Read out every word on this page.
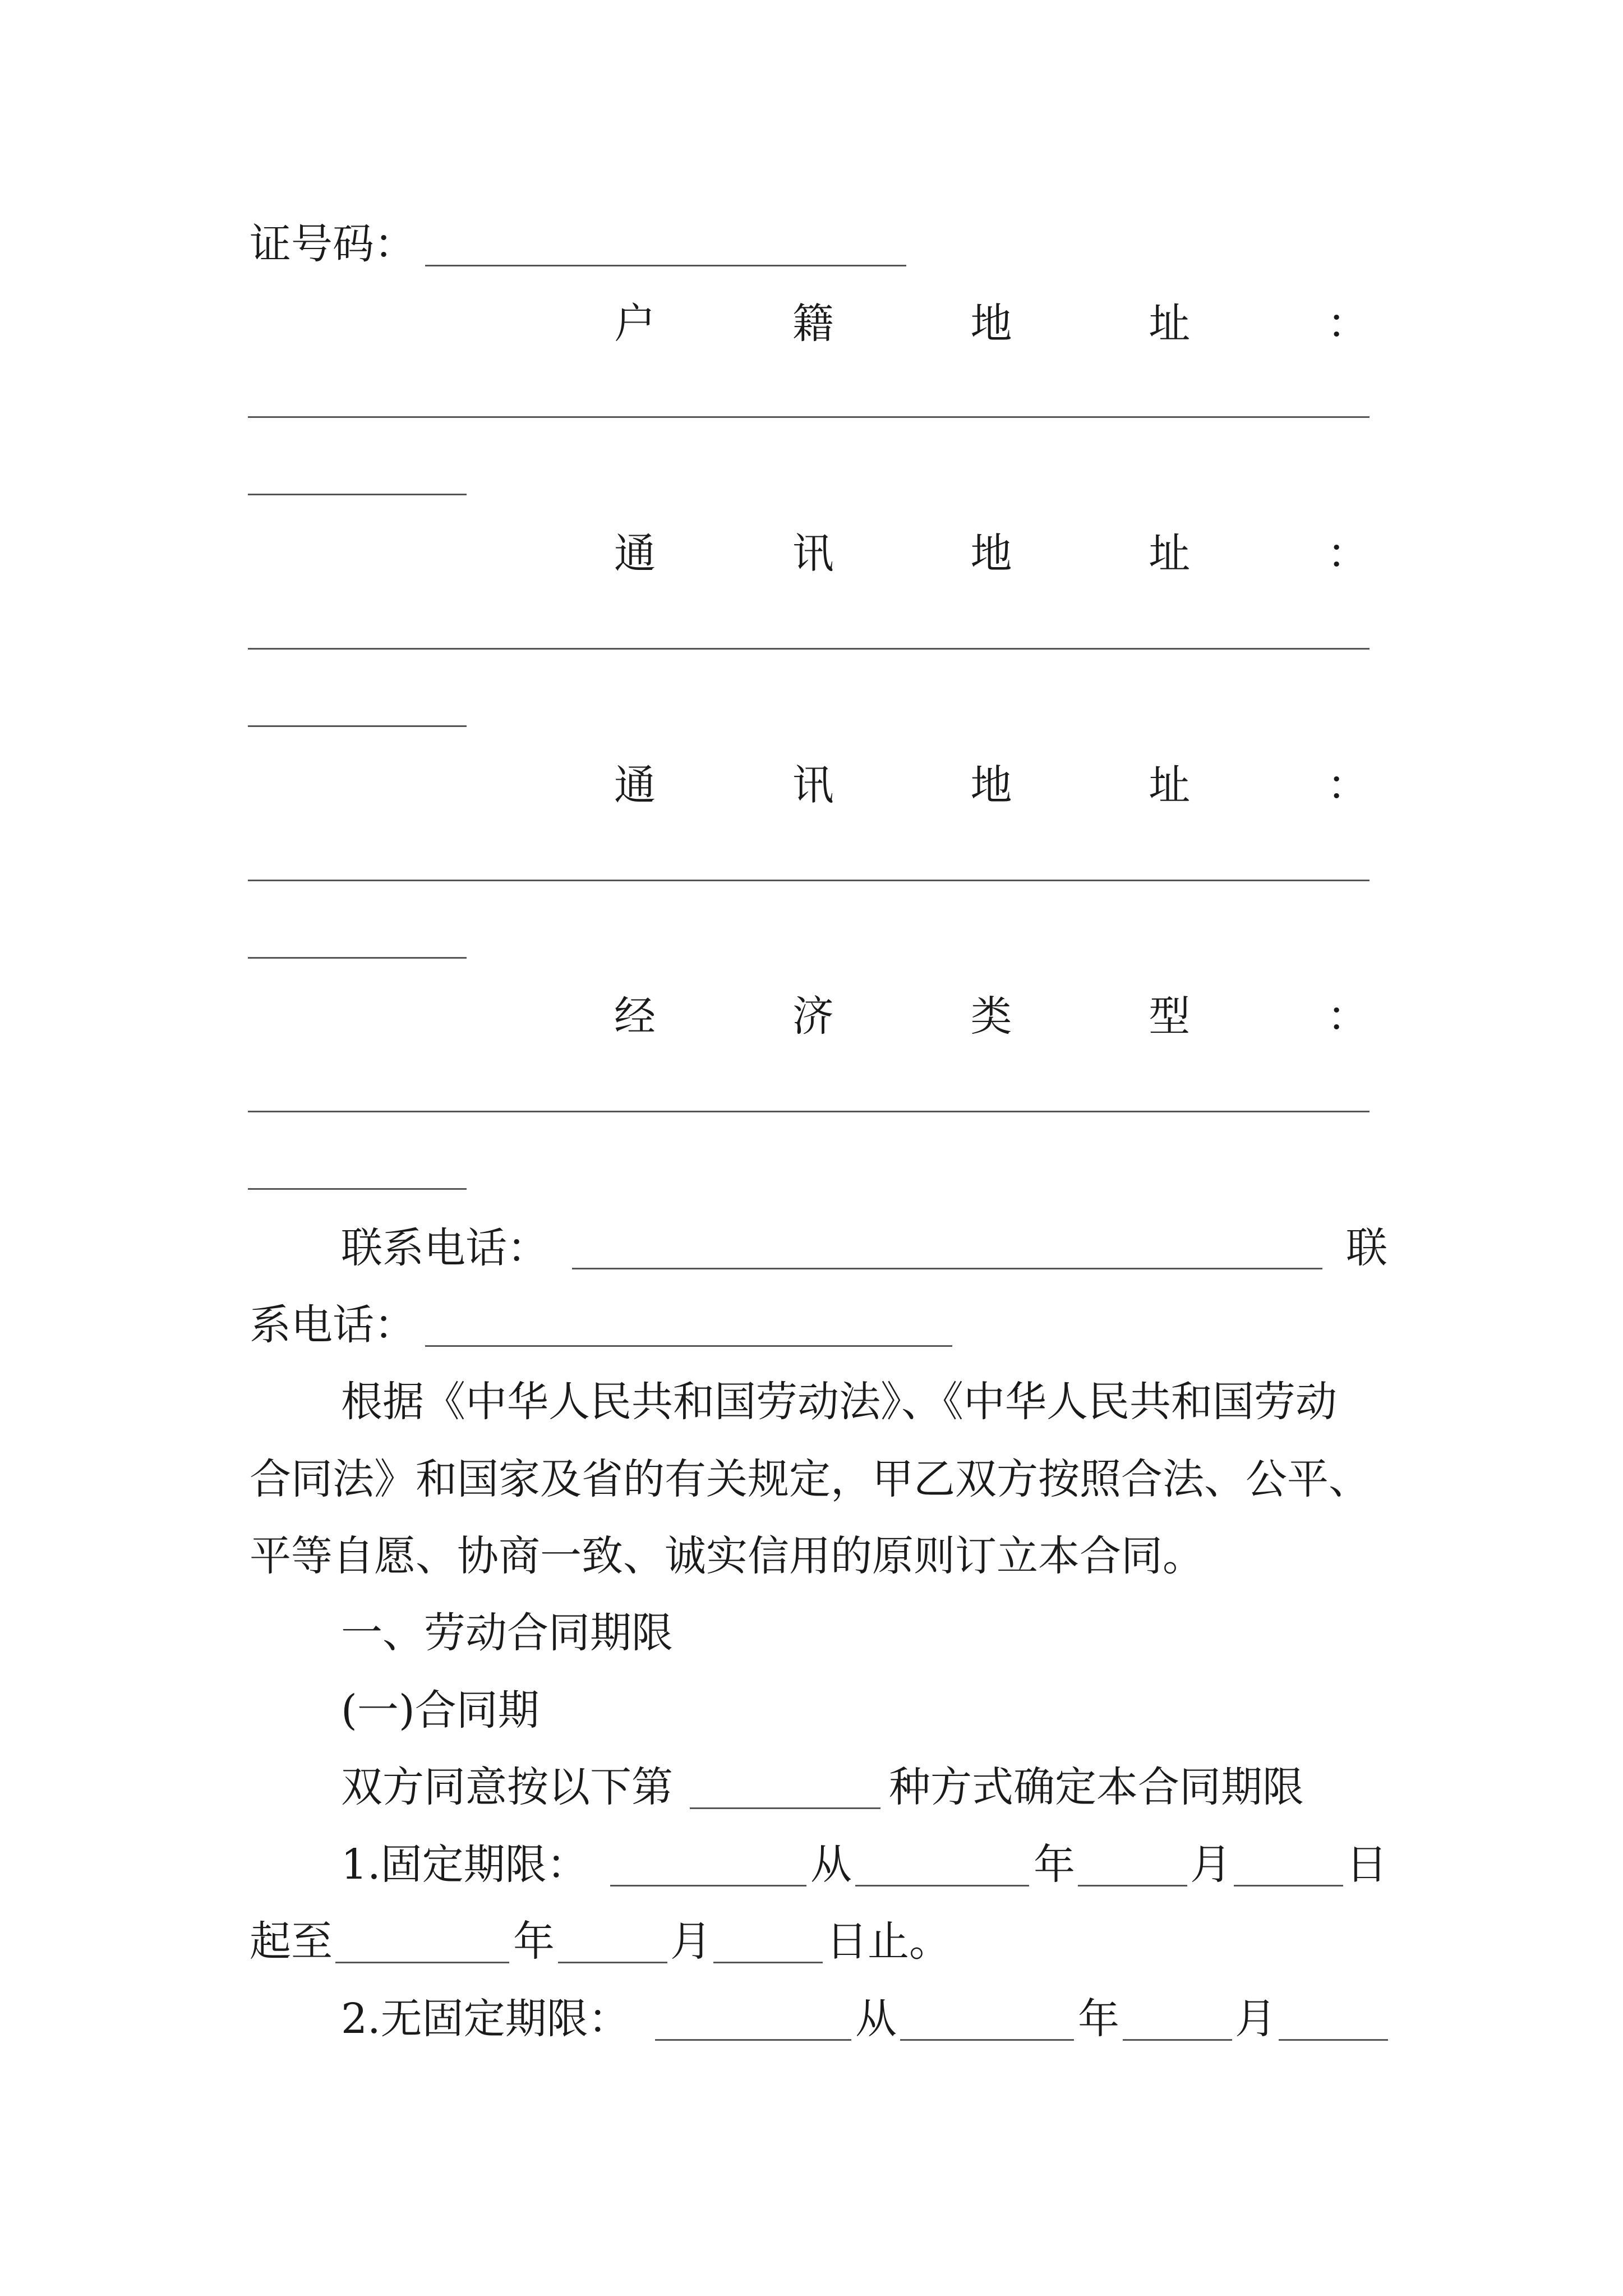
证号码：
户	籍	地	址	：
通	讯	地	址	：
通	讯	地	址	：
经	济	类	型	：
联系电话：	联
系电话：
根据《中华人民共和国劳动法》、《中华人民共和国劳动
合同法》和国家及省的有关规定，甲乙双方按照合法、公平、
平等自愿、协商一致、诚实信用的原则订立本合同。
一、劳动合同期限
(一)合同期
双方同意按以下第	种方式确定本合同期限
1.固定期限：	从	年	月	日
起至	年	月	日止。
2.无固定期限：	从	年	月
